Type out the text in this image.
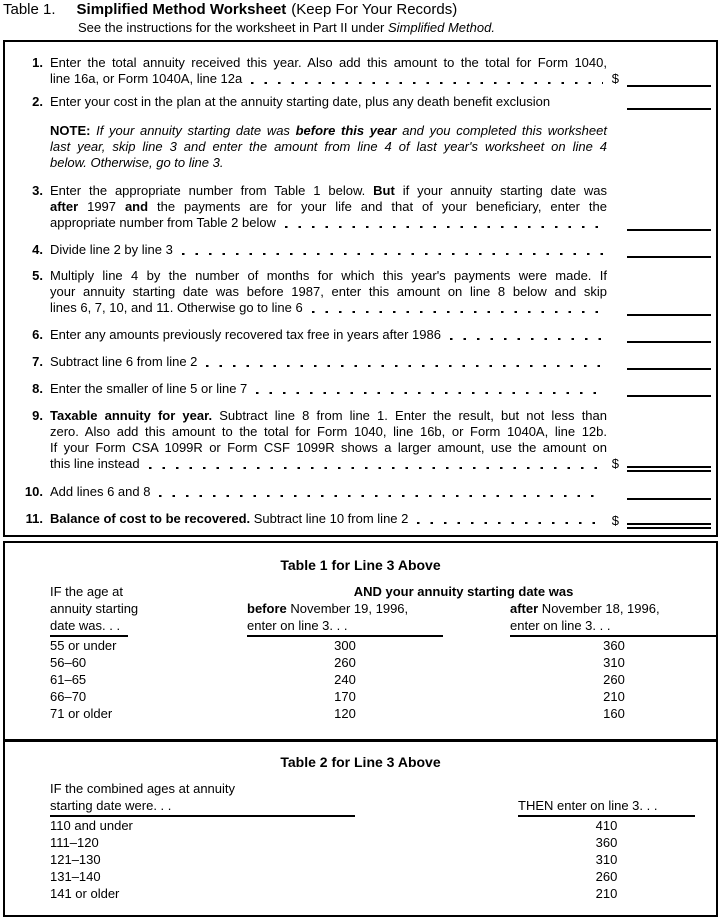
Table 1. Simplified Method Worksheet (Keep For Your Records)
See the instructions for the worksheet in Part II under Simplified Method.
1. Enter the total annuity received this year. Also add this amount to the total for Form 1040,
line 16a, or Form 1040A, line 12a	$
2. Enter your cost in the plan at the annuity starting date, plus any death benefit exclusion
NOTE: If your annuity starting date was before this year and you completed this worksheet
last year, skip line 3 and enter the amount from line 4 of last year's worksheet on line 4
below. Otherwise, go to line 3.
3. Enter the appropriate number from Table 1 below. But if your annuity starting date was
after 1997 and the payments are for your life and that of your beneficiary, enter the
appropriate number from Table 2 below
4. Divide line 2 by line 3
5. Multiply line 4 by the number of months for which this year's payments were made. If
your annuity starting date was before 1987, enter this amount on line 8 below and skip
lines 6, 7, 10, and 11. Otherwise go to line 6
6. Enter any amounts previously recovered tax free in years after 1986
7. Subtract line 6 from line 2
8. Enter the smaller of line 5 or line 7
9. Taxable annuity for year. Subtract line 8 from line 1. Enter the result, but not less than
zero. Also add this amount to the total for Form 1040, line 16b, or Form 1040A, line 12b.
If your Form CSA 1099R or Form CSF 1099R shows a larger amount, use the amount on
this line instead	$
10. Add lines 6 and 8
11. Balance of cost to be recovered. Subtract line 10 from line 2	$
Table 1 for Line 3 Above
IF the age at	AND your annuity starting date was
annuity starting	before November 19, 1996,	after November 18, 1996,
date was. . .	enter on line 3. . .	enter on line 3. . .
55 or under	300	360
56–60	260	310
61–65	240	260
66–70	170	210
71 or older	120	160
Table 2 for Line 3 Above
IF the combined ages at annuity
starting date were. . .	THEN enter on line 3. . .
110 and under	410
111–120	360
121–130	310
131–140	260
141 or older	210
